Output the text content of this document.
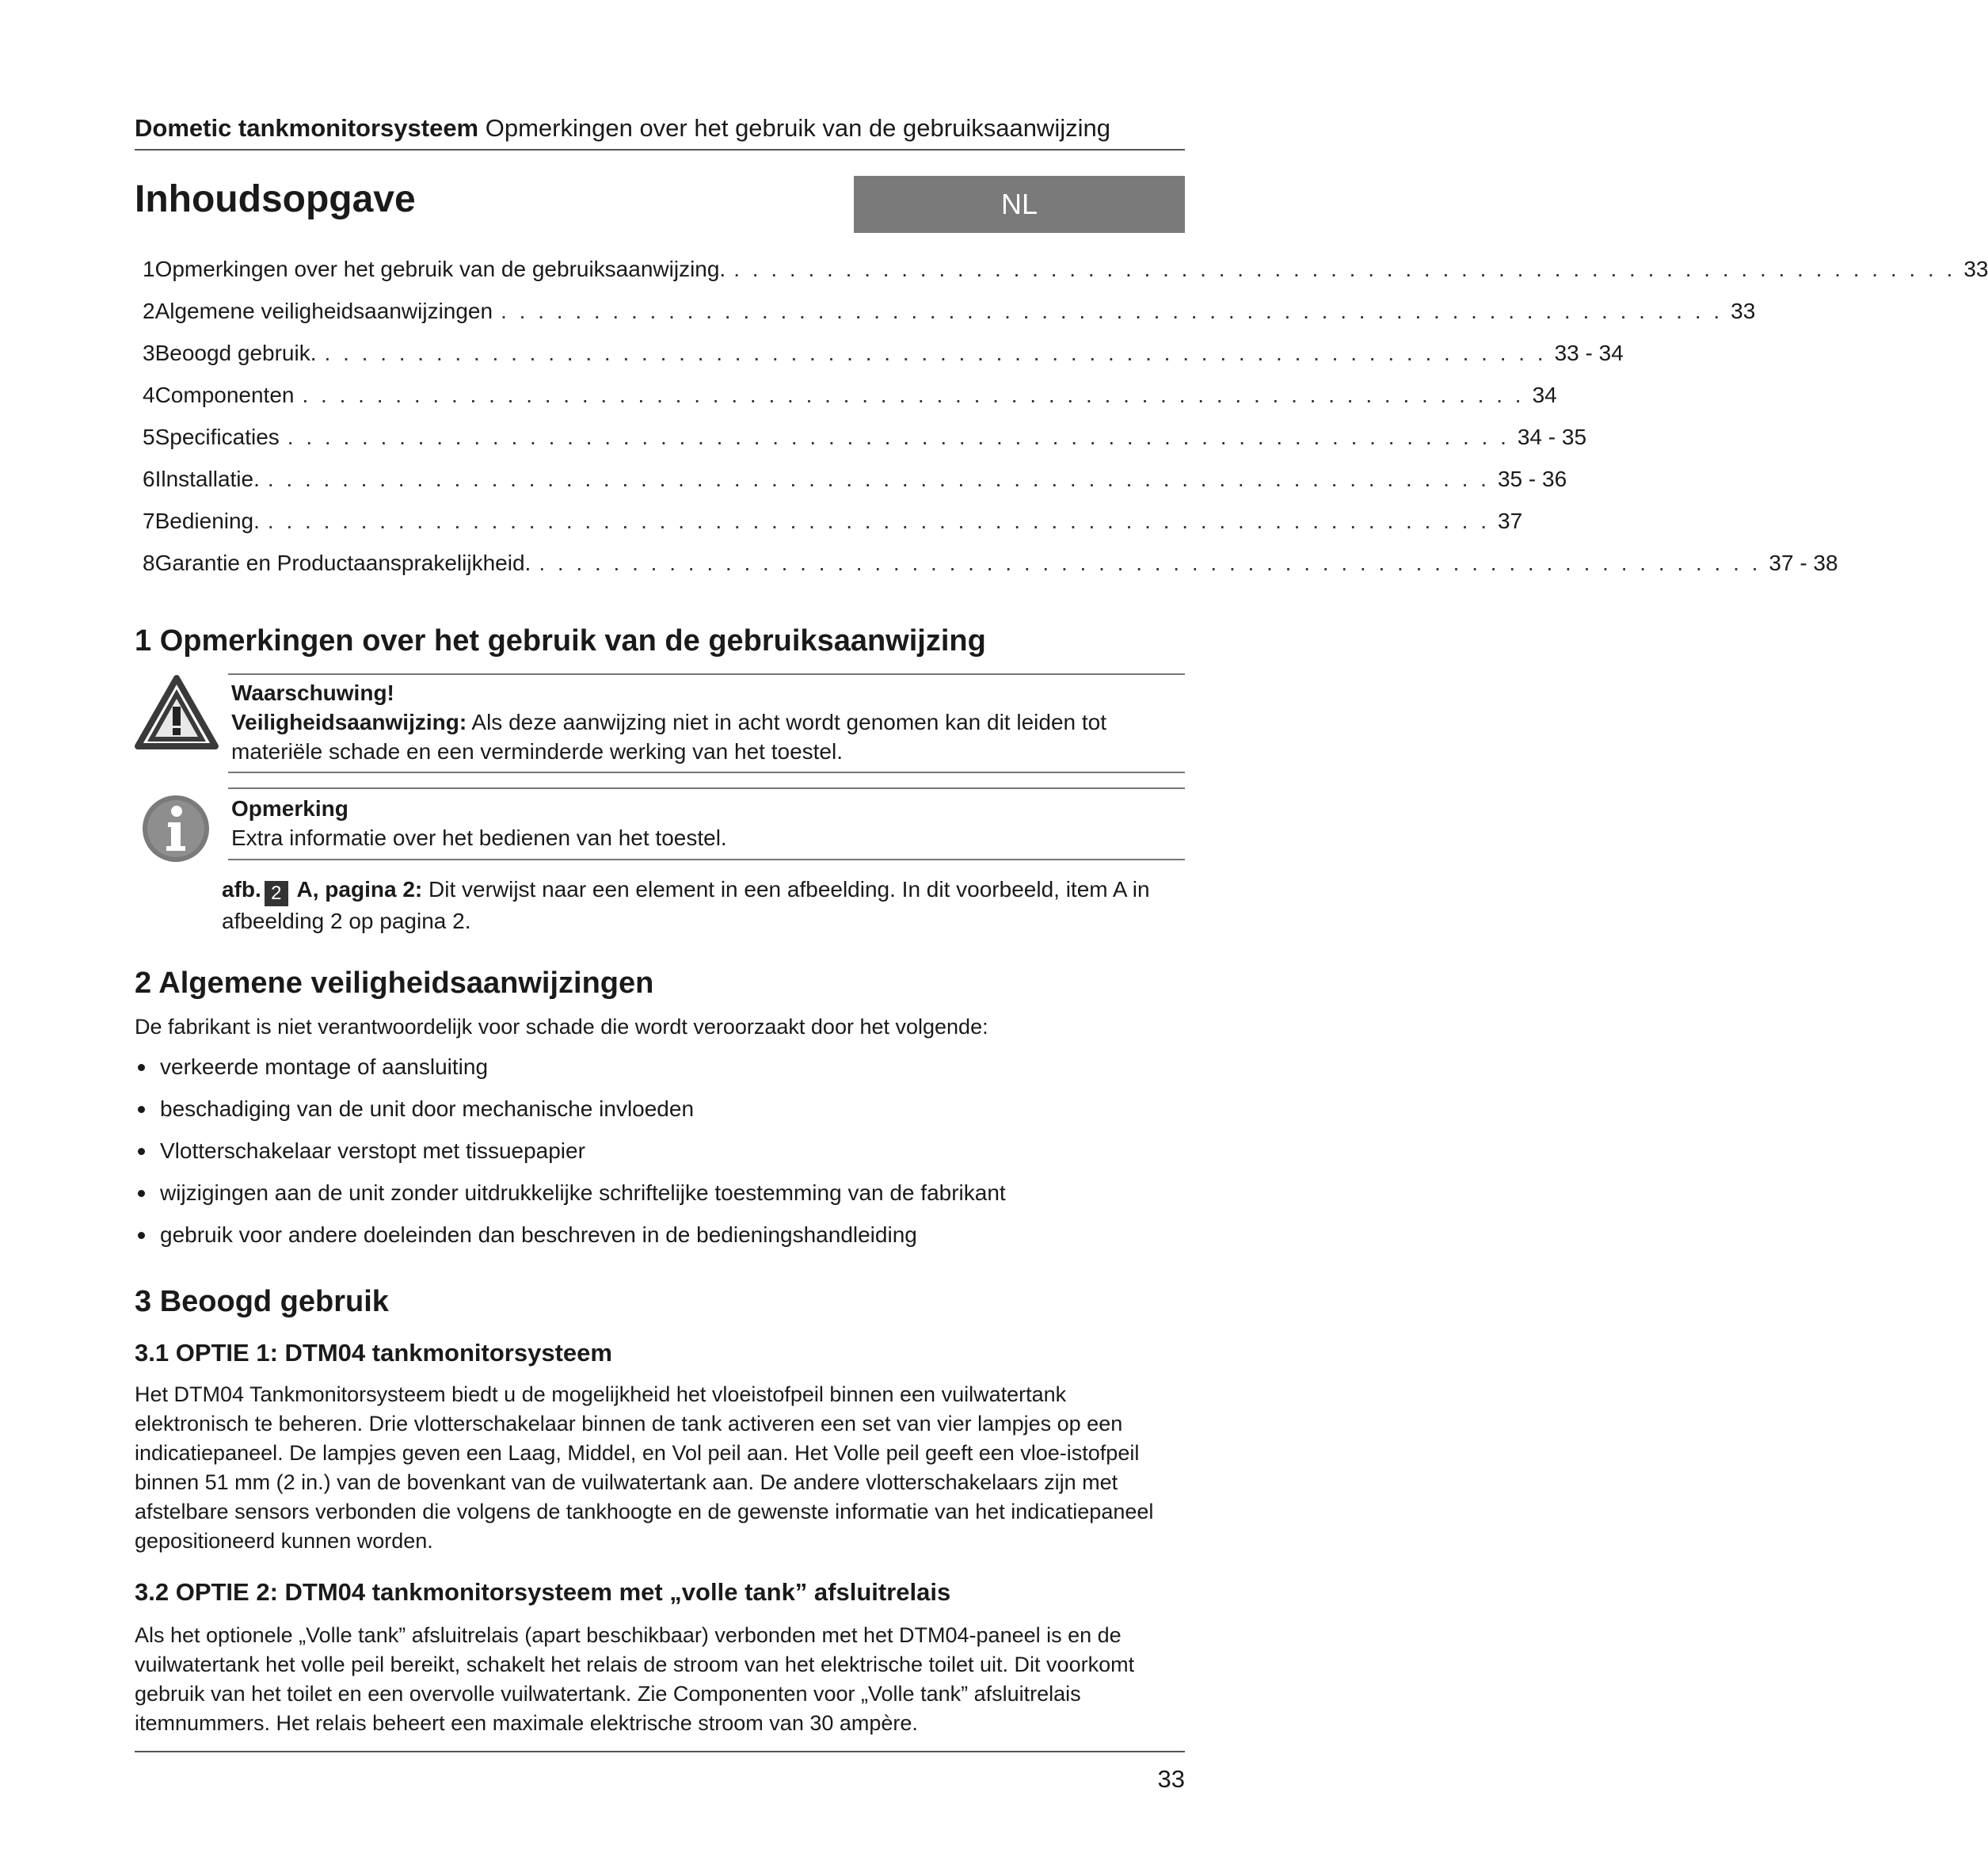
Dometic tankmonitorsysteem Opmerkingen over het gebruik van de gebruiksaanwijzing
Inhoudsopgave	NL
1 Opmerkingen over het gebruik van de gebruiksaanwijzing. . . . . . . . . . . . . . . . . . . . . . . . . . . . . . . . . . . . . . . . . . . . . . . . . . . . . . . . . . . . . . . . . . . 33
2 Algemene veiligheidsaanwijzingen . . . . . . . . . . . . . . . . . . . . . . . . . . . . . . . . . . . . . . . . . . . . . . . . . . . . . . . . . . . . . . . . . . 33
3 Beoogd gebruik. . . . . . . . . . . . . . . . . . . . . . . . . . . . . . . . . . . . . . . . . . . . . . . . . . . . . . . . . . . . . . . . . . . 33 - 34
4 Componenten . . . . . . . . . . . . . . . . . . . . . . . . . . . . . . . . . . . . . . . . . . . . . . . . . . . . . . . . . . . . . . . . . . 34
5 Specificaties . . . . . . . . . . . . . . . . . . . . . . . . . . . . . . . . . . . . . . . . . . . . . . . . . . . . . . . . . . . . . . . . . . 34 - 35
6 Ilnstallatie. . . . . . . . . . . . . . . . . . . . . . . . . . . . . . . . . . . . . . . . . . . . . . . . . . . . . . . . . . . . . . . . . . . 35 - 36
7 Bediening. . . . . . . . . . . . . . . . . . . . . . . . . . . . . . . . . . . . . . . . . . . . . . . . . . . . . . . . . . . . . . . . . . . 37
8 Garantie en Productaansprakelijkheid. . . . . . . . . . . . . . . . . . . . . . . . . . . . . . . . . . . . . . . . . . . . . . . . . . . . . . . . . . . . . . . . . . . 37 - 38
1 Opmerkingen over het gebruik van de gebruiksaanwijzing
Waarschuwing!
Veiligheidsaanwijzing: Als deze aanwijzing niet in acht wordt genomen kan dit leiden tot materiële schade en een verminderde werking van het toestel.
Opmerking
Extra informatie over het bedienen van het toestel.
afb. 2 A, pagina 2: Dit verwijst naar een element in een afbeelding. In dit voorbeeld, item A in afbeelding 2 op pagina 2.
2 Algemene veiligheidsaanwijzingen

De fabrikant is niet verantwoordelijk voor schade die wordt veroorzaakt door het volgende:

verkeerde montage of aansluiting
beschadiging van de unit door mechanische invloeden
Vlotterschakelaar verstopt met tissuepapier
wijzigingen aan de unit zonder uitdrukkelijke schriftelijke toestemming van de fabrikant
gebruik voor andere doeleinden dan beschreven in de bedieningshandleiding
3 Beoogd gebruik
3.1 OPTIE 1: DTM04 tankmonitorsysteem

Het DTM04 Tankmonitorsysteem biedt u de mogelijkheid het vloeistofpeil binnen een vuilwatertank elektronisch te beheren. Drie vlotterschakelaar binnen de tank activeren een set van vier lampjes op een indicatiepaneel. De lampjes geven een Laag, Middel, en Vol peil aan. Het Volle peil geeft een vloe-istofpeil binnen 51 mm (2 in.) van de bovenkant van de vuilwatertank aan. De andere vlotterschakelaars zijn met afstelbare sensors verbonden die volgens de tankhoogte en de gewenste informatie van het indicatiepaneel gepositioneerd kunnen worden.

3.2 OPTIE 2: DTM04 tankmonitorsysteem met „volle tank” afsluitrelais

Als het optionele „Volle tank” afsluitrelais (apart beschikbaar) verbonden met het DTM04-paneel is en de vuilwatertank het volle peil bereikt, schakelt het relais de stroom van het elektrische toilet uit. Dit voorkomt gebruik van het toilet en een overvolle vuilwatertank. Zie Componenten voor „Volle tank” afsluitrelais itemnummers. Het relais beheert een maximale elektrische stroom van 30 ampère.

33
